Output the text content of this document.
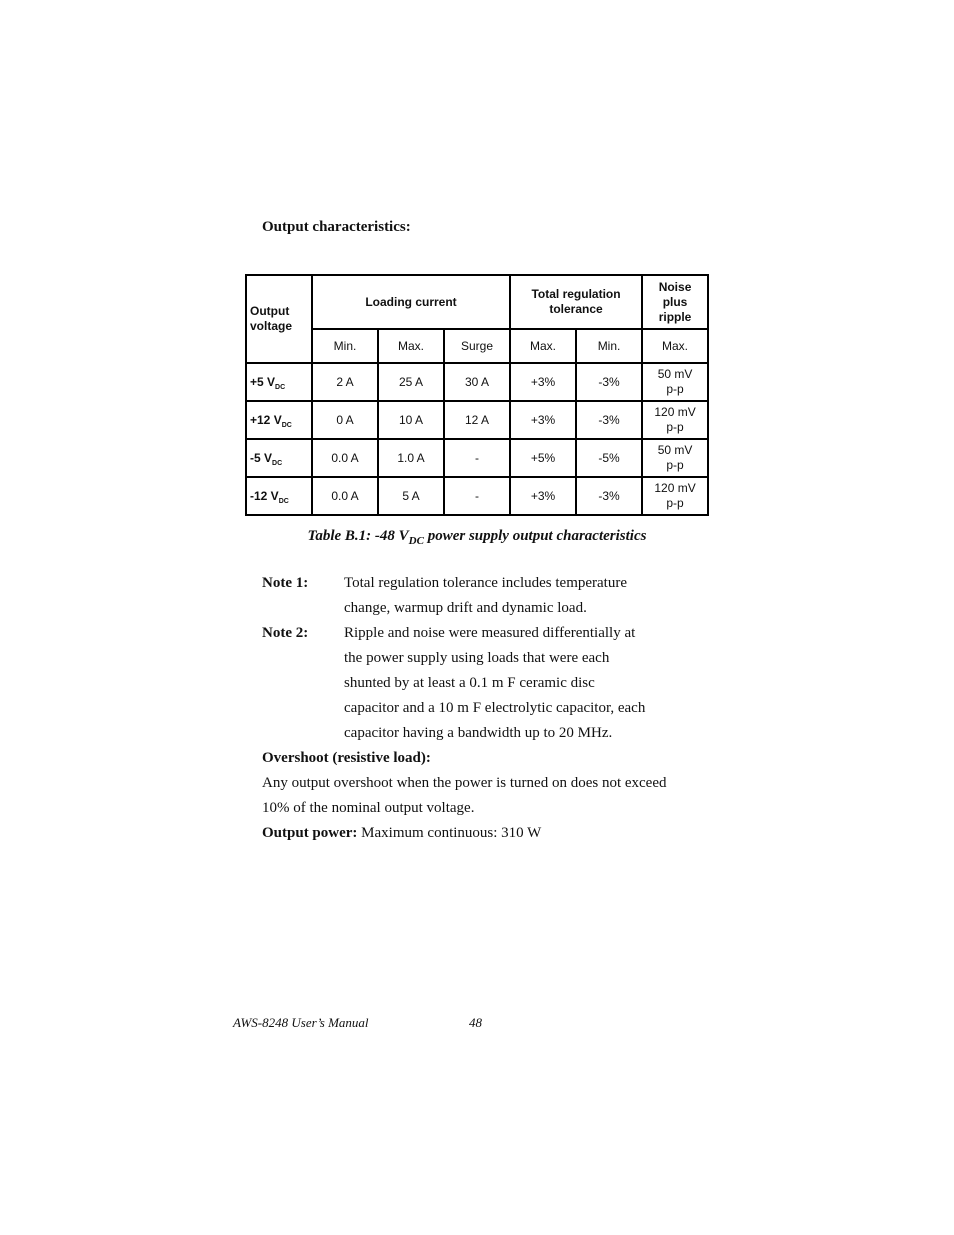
Output characteristics:
Output voltage	Loading current			Total regulation tolerance		Noise plus ripple
	Min.	Max.	Surge	Max.	Min.	Max.
+5 $V_{DC}$	2 A	25 A	30 A	+3%	-3%	50 mV
p-p
+12 $V_{DC}$	0 A	10 A	12 A	+3%	-3%	120 mV
p-p
-5 $V_{DC}$	0.0 A	1.0 A	-	+5%	-5%	50 mV
p-p
-12 $V_{DC}$	0.0 A	5 A	-	+3%	-3%	120 mV
p-p

Table B.1: -48 $V_{DC}$ power supply output characteristics

Note 1: Total regulation tolerance includes temperature
change, warmup drift and dynamic load.
Note 2: Ripple and noise were measured differentially at
the power supply using loads that were each
shunted by at least a 0.1 m F ceramic disc
capacitor and a 10 m F electrolytic capacitor, each
capacitor having a bandwidth up to 20 MHz.
Overshoot (resistive load):
Any output overshoot when the power is turned on does not exceed
10% of the nominal output voltage.
Output power: Maximum continuous: 310 W
AWS-8248 User’s Manual	48
